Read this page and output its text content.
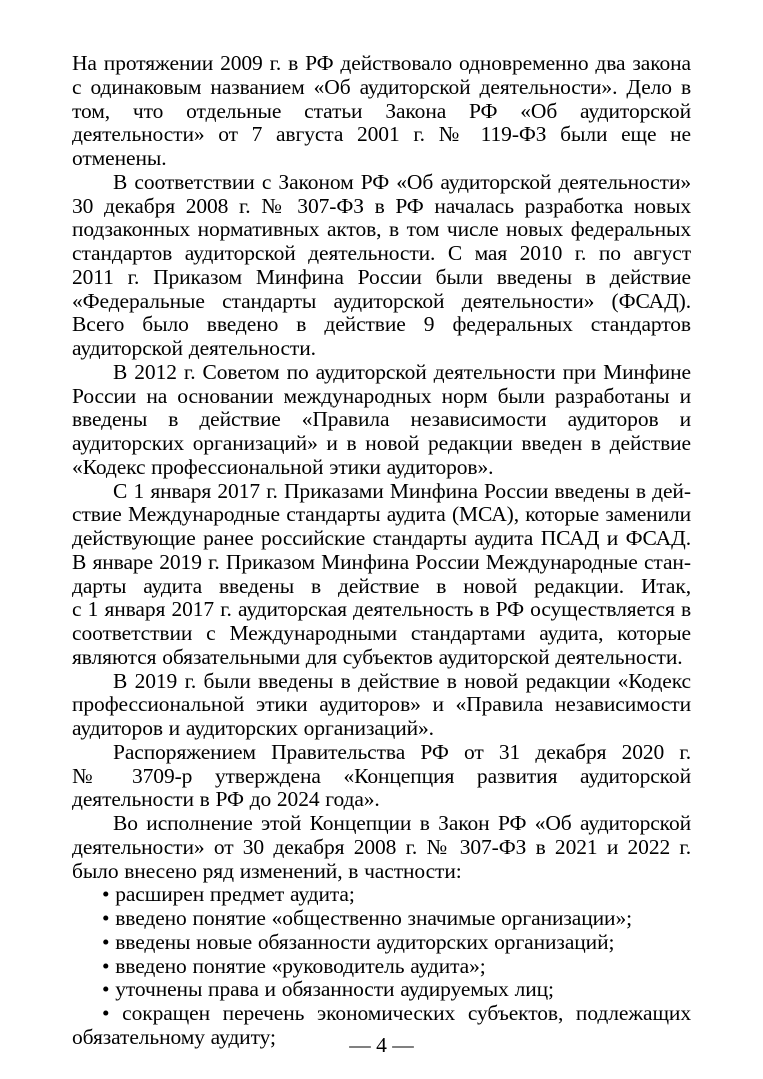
На протяжении 2009 г. в РФ действовало одновременно два закона с одинаковым названием «Об аудиторской деятельности». Дело в том, что отдельные статьи Закона РФ «Об аудиторской деятельности» от 7 августа 2001 г. № 119-ФЗ были еще не отменены.

В соответствии с Законом РФ «Об аудиторской деятельности» 30 декабря 2008 г. № 307-ФЗ в РФ началась разработка новых подзаконных нормативных актов, в том числе новых федеральных стандартов аудиторской деятельности. С мая 2010 г. по август 2011 г. Приказом Минфина России были введены в действие «Федеральные стандарты аудиторской деятельности» (ФСАД). Всего было введено в действие 9 федеральных стандартов аудиторской деятельности.

В 2012 г. Советом по аудиторской деятельности при Минфине России на основании международных норм были разработаны и введены в действие «Правила независимости аудиторов и аудиторских организаций» и в новой редакции введен в действие «Кодекс профессиональной этики аудиторов».

С 1 января 2017 г. Приказами Минфина России введены в действие Международные стандарты аудита (МСА), которые заменили действующие ранее российские стандарты аудита ПСАД и ФСАД. В январе 2019 г. Приказом Минфина России Международные стандарты аудита введены в действие в новой редакции. Итак, с 1 января 2017 г. аудиторская деятельность в РФ осуществляется в соответствии с Международными стандартами аудита, которые являются обязательными для субъектов аудиторской деятельности.

В 2019 г. были введены в действие в новой редакции «Кодекс профессиональной этики аудиторов» и «Правила независимости аудиторов и аудиторских организаций».

Распоряжением Правительства РФ от 31 декабря 2020 г. № 3709-р утверждена «Концепция развития аудиторской деятельности в РФ до 2024 года».

Во исполнение этой Концепции в Закон РФ «Об аудиторской деятельности» от 30 декабря 2008 г. № 307-ФЗ в 2021 и 2022 г. было внесено ряд изменений, в частности:

• расширен предмет аудита;

• введено понятие «общественно значимые организации»;

• введены новые обязанности аудиторских организаций;

• введено понятие «руководитель аудита»;

• уточнены права и обязанности аудируемых лиц;

• сокращен перечень экономических субъектов, подлежащих обязательному аудиту;	— 4 —
